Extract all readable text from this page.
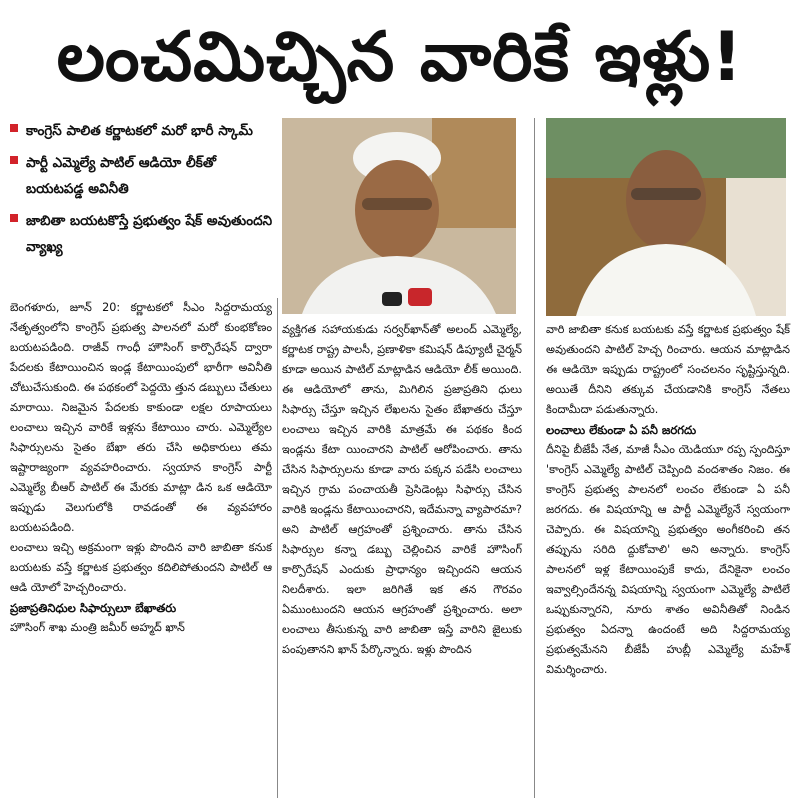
లంచమిచ్చిన వారికే ఇళ్లు!
కాంగ్రెస్ పాలిత కర్ణాటకలో మరో భారీ స్కామ్
పార్టీ ఎమ్మెల్యే పాటిల్ ఆడియో లీక్‌తో బయటపడ్డ అవినీతి
జాబితా బయటకొస్తే ప్రభుత్వం షేక్ అవుతుందని వ్యాఖ్య

బెంగళూరు, జూన్ 20: కర్ణాటకలో సీఎం సిద్దరామయ్య నేతృత్వంలోని కాంగ్రెస్ ప్రభుత్వ పాలనలో మరో కుంభకోణం బయటపడింది. రాజీవ్ గాంధీ హౌసింగ్ కార్పొరేషన్ ద్వారా పేదలకు కేటాయించిన ఇండ్ల కేటాయింపులో భారీగా అవినీతి చోటుచేసుకుంది. ఈ పథకంలో పెద్దయె త్తున డబ్బులు చేతులు మారాయి. నిజమైన పేదలకు కాకుండా లక్షల రూపాయలు లంచాలు ఇచ్చిన వారికే ఇళ్లను కేటాయిం చారు. ఎమ్మెల్యేల సిఫార్సులను సైతం బేఖా తరు చేసి అధికారులు తమ ఇష్టారాజ్యంగా వ్యవహరించారు. స్వయాన కాంగ్రెస్ పార్టీ ఎమ్మెల్యే బీఆర్ పాటిల్ ఈ మేరకు మాట్లా డిన ఒక ఆడియో ఇప్పుడు వెలుగులోకి రావడంతో ఈ వ్యవహారం బయటపడింది.

లంచాలు ఇచ్చి అక్రమంగా ఇళ్లు పొందిన వారి జాబితా కనుక బయటకు వస్తే కర్ణాటక ప్రభుత్వం కదిలిపోతుందని పాటిల్ ఆ ఆడి యోలో హెచ్చరించారు.

ప్రజాప్రతినిధుల సిఫార్సులూ బేఖాతరు

హౌసింగ్ శాఖ మంత్రి జమీర్ అహ్మద్ ఖాన్

వ్యక్తిగత సహాయకుడు సర్వర్‌ఖాన్‌తో అలంద్ ఎమ్మెల్యే, కర్ణాటక రాష్ట్ర పాలసీ, ప్రణాళికా కమిషన్ డిప్యూటీ చైర్మన్ కూడా అయిన పాటిల్ మాట్లాడిన ఆడియో లీక్ అయింది. ఈ ఆడియోలో తాను, మిగిలిన ప్రజాప్రతిని ధులు సిఫార్సు చేస్తూ ఇచ్చిన లేఖలను సైతం బేఖాతరు చేస్తూ లంచాలు ఇచ్చిన వారికి మాత్రమే ఈ పథకం కింద ఇండ్లను కేటా యించారని పాటిల్ ఆరోపించారు. తాను చేసిన సిఫార్సులను కూడా వారు పక్కన పడేసి లంచాలు ఇచ్చిన గ్రామ పంచాయతీ ప్రెసిడెంట్లు సిఫార్సు చేసిన వారికి ఇండ్లను కేటాయించారని, ఇదేమన్నా వ్యాపారమా? అని పాటిల్ ఆగ్రహంతో ప్రశ్నించారు. తాను చేసిన సిఫార్సుల కన్నా డబ్బు చెల్లించిన వారికే హౌసింగ్ కార్పొరేషన్ ఎందుకు ప్రాధాన్యం ఇచ్చిందని ఆయన నిలదీశారు. ఇలా జరిగితే ఇక తన గౌరవం ఏముంటుందని ఆయన ఆగ్రహంతో ప్రశ్నించారు. అలా లంచాలు తీసుకున్న వారి జాబితా ఇస్తే వారిని జైలుకు పంపుతానని ఖాన్ పేర్కొన్నారు. ఇళ్లు పొందిన

వారి జాబితా కనుక బయటకు వస్తే కర్ణాటక ప్రభుత్వం షేక్ అవుతుందని పాటిల్ హెచ్చ రించారు. ఆయన మాట్లాడిన ఈ ఆడియో ఇప్పుడు రాష్ట్రంలో సంచలనం సృష్టిస్తున్నది. అయితే దీనిని తక్కువ చేయడానికి కాంగ్రెస్ నేతలు కిందామీదా పడుతున్నారు.

లంచాలు లేకుండా ఏ పనీ జరగదు

దీనిపై బీజేపీ నేత, మాజీ సీఎం యెడియూ రప్ప స్పందిస్తూ 'కాంగ్రెస్ ఎమ్మెల్యే పాటిల్ చెప్పింది వందశాతం నిజం. ఈ కాంగ్రెస్ ప్రభుత్వ పాలనలో లంచం లేకుండా ఏ పనీ జరగదు. ఈ విషయాన్ని ఆ పార్టీ ఎమ్మెల్యేనే స్వయంగా చెప్పారు. ఈ విషయాన్ని ప్రభుత్వం అంగీకరించి తన తప్పును సరిది ద్దుకోవాలి' అని అన్నారు. కాంగ్రెస్ పాలనలో ఇళ్ల కేటాయింపుకే కాదు, దేనికైనా లంచం ఇవ్వాల్సిందేనన్న విషయాన్ని స్వయంగా ఎమ్మెల్యే పాటిలే ఒప్పుకున్నారని, నూరు శాతం అవినీతితో నిండిన ప్రభుత్వం ఏదన్నా ఉందంటే అది సిద్దరామయ్య ప్రభుత్వమేనని బీజేపీ హుబ్లీ ఎమ్మెల్యే మహేశ్ విమర్శించారు.
